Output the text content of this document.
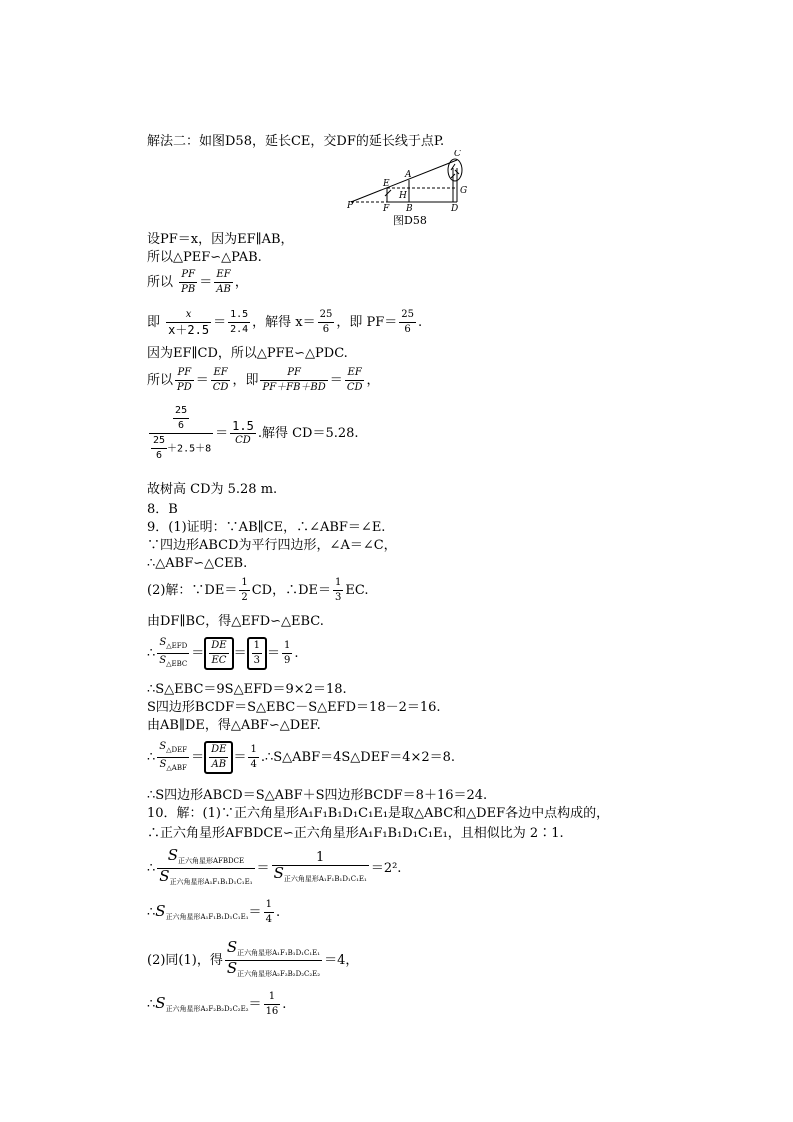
解法二：如图D58，延长CE，交DF的延长线于点P.
C
E
A
G
H
P	F B	D
图D58
设PF＝x，因为EF∥AB，
所以△PEF∽△PAB.
所以 $\frac{PF}{PB} = \frac{EF}{AB}$ ，
即 $\frac{x}{x+2.5} = \frac{1.5}{2.4}$ ，解得 $x= \frac{25}{6}$ ，即 $PF= \frac{25}{6}$ .
因为EF∥CD，所以△PFE∽△PDC.
所以 $\frac{PF}{PD} = \frac{EF}{CD}$ ，即 $\frac{PF}{PF+FB+BD} = \frac{EF}{CD}$ ，
$\frac{\frac{25}{6}}{\frac{25}{6} +2.5+8} = \frac{1.5}{CD}$ .解得 CD＝5.28.
故树高 CD为 5.28 m.
8．B
9．(1)证明：∵AB∥CE，∴∠ABF＝∠E.
∵四边形ABCD为平行四边形，∠A＝∠C，
∴△ABF∽△CEB.
(2)解：∵DE＝ $\frac{1}{2}$ CD，∴DE＝ $\frac{1}{3}$ EC.
由DF∥BC，得△EFD∽△EBC.
∴ $\frac{S_{\triangle EFD}}{S_{\triangle EBC}} = \frac{DE}{EC} = \frac{1}{3} = \frac{1}{9}$ .
∴S△EBC＝9S△EFD＝9×2＝18.
S四边形BCDF＝S△EBC－S△EFD＝18－2＝16.
由AB∥DE，得△ABF∽△DEF.
∴ $\frac{S_{\triangle DEF}}{S_{\triangle ABF}} = \frac{DE}{AB} = \frac{1}{4}$ .∴S△ABF＝4S△DEF＝4×2＝8.
∴S四边形ABCD＝S△ABF＋S四边形BCDF＝8＋16＝24.
10．解：(1)∵正六角星形A₁F₁B₁D₁C₁E₁是取△ABC和△DEF各边中点构成的，
∴正六角星形AFBDCE∽正六角星形A₁F₁B₁D₁C₁E₁，且相似比为 2∶1.
∴ $\frac{S_{正六角星形AFBDCE}}{S_{正六角星形A_1F_1B_1D_1C_1E_1}} = \frac{1}{S_{正六角星形A_1F_1B_1D_1C_1E_1}} =2^2$.
$\therefore S_{正六角星形A_1F_1B_1D_1C_1E_1}= \frac{1}{4}$ .
(2)同(1)，得 $\frac{S_{正六角星形A_1F_1B_1D_1C_1E_1}}{S_{正六角星形A_2F_2B_2D_2C_2E_2}} =4$，
$\therefore S_{正六角星形A_2F_2B_2D_2C_2E_2}= \frac{1}{16}$ .
